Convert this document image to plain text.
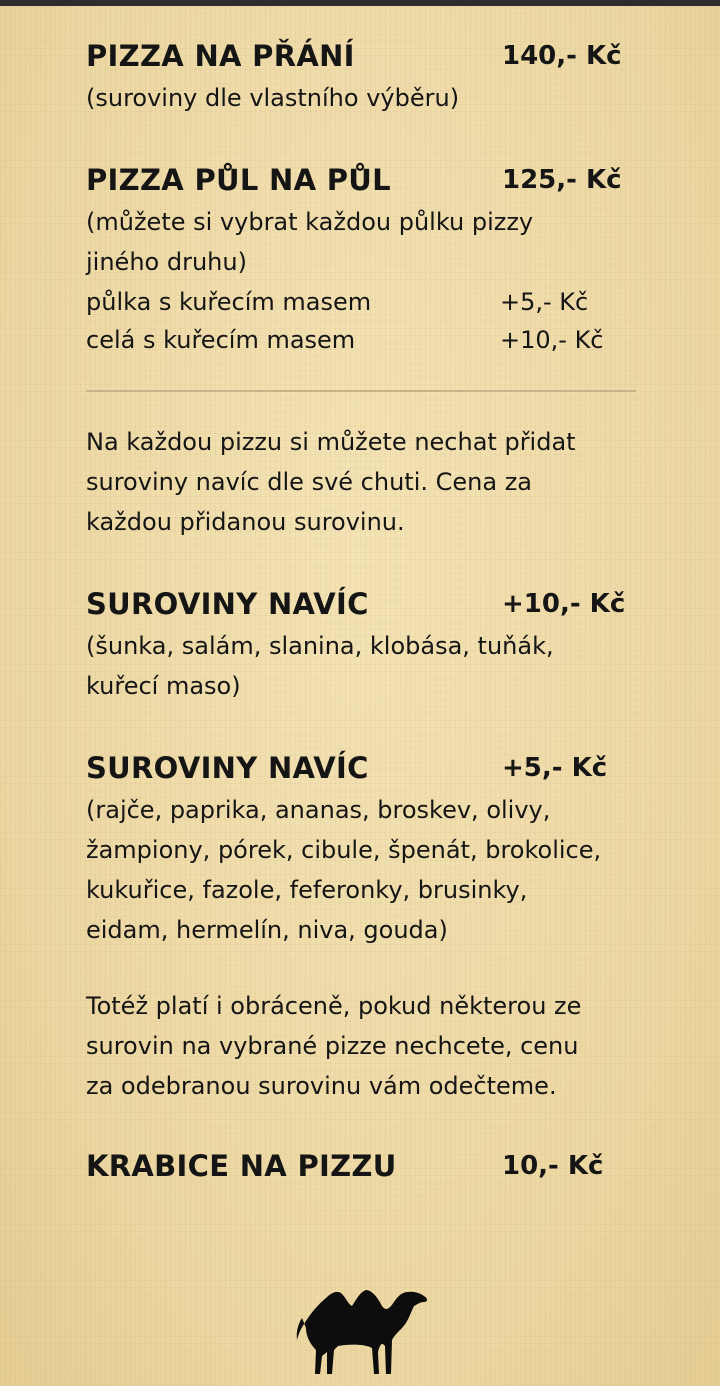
PIZZA NA PŘÁNÍ	140,- Kč
(suroviny dle vlastního výběru)
PIZZA PŮL NA PŮL	125,- Kč
(můžete si vybrat každou půlku pizzy
jiného druhu)
půlka s kuřecím masem	+5,- Kč
celá s kuřecím masem	+10,- Kč
Na každou pizzu si můžete nechat přidat
suroviny navíc dle své chuti. Cena za
každou přidanou surovinu.
SUROVINY NAVÍC	+10,- Kč
(šunka, salám, slanina, klobása, tuňák,
kuřecí maso)
SUROVINY NAVÍC	+5,- Kč
(rajče, paprika, ananas, broskev, olivy,
žampiony, pórek, cibule, špenát, brokolice,
kukuřice, fazole, feferonky, brusinky,
eidam, hermelín, niva, gouda)
Totéž platí i obráceně, pokud některou ze
surovin na vybrané pizze nechcete, cenu
za odebranou surovinu vám odečteme.
KRABICE NA PIZZU	10,- Kč
